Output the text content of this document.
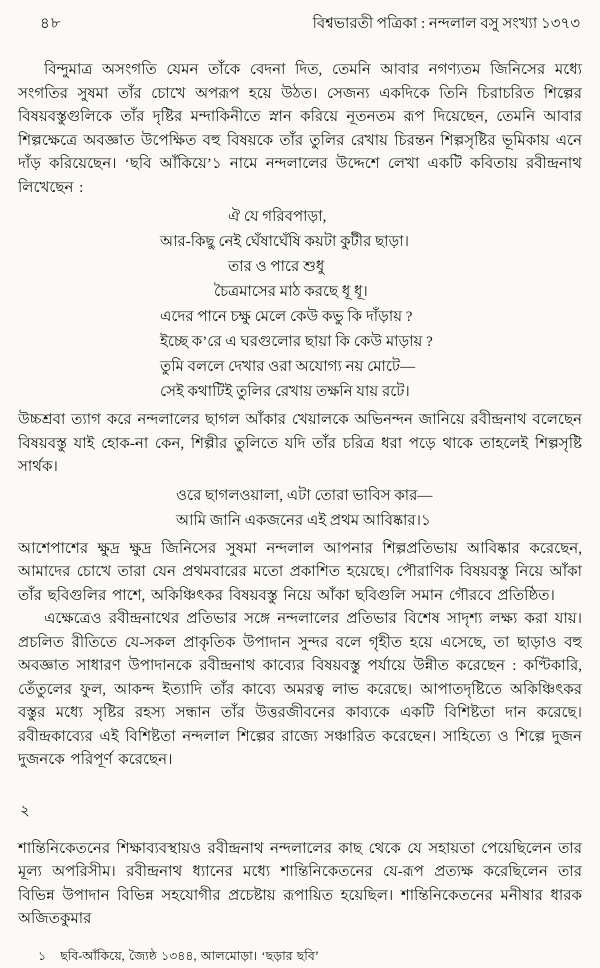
৪৮	বিশ্বভারতী পত্রিকা : নন্দলাল বসু সংখ্যা ১৩৭৩

বিন্দুমাত্র অসংগতি যেমন তাঁকে বেদনা দিত, তেমনি আবার নগণ্যতম জিনিসের মধ্যে সংগতির সুষমা তাঁর চোখে অপরূপ হয়ে উঠত। সেজন্য একদিকে তিনি চিরাচরিত শিল্পের বিষয়বস্তুগুলিকে তাঁর দৃষ্টির মন্দাকিনীতে স্নান করিয়ে নূতনতম রূপ দিয়েছেন, তেমনি আবার শিল্পক্ষেত্রে অবজ্ঞাত উপেক্ষিত বহু বিষয়কে তাঁর তুলির রেখায় চিরন্তন শিল্পসৃষ্টির ভূমিকায় এনে দাঁড় করিয়েছেন। ‘ছবি আঁকিয়ে’১ নামে নন্দলালের উদ্দেশে লেখা একটি কবিতায় রবীন্দ্রনাথ লিখেছেন :

ঐ যে গরিবপাড়া,
আর-কিছু নেই ঘেঁষাঘেঁষি কয়টা কুটীর ছাড়া।
তার ও পারে শুধু
চৈত্রমাসের মাঠ করছে ধূ ধূ।
এদের পানে চক্ষু মেলে কেউ কভু কি দাঁড়ায় ?
ইচ্ছে ক’রে এ ঘরগুলোর ছায়া কি কেউ মাড়ায় ?
তুমি বললে দেখার ওরা অযোগ্য নয় মোটে—
সেই কথাটিই তুলির রেখায় তক্ষনি যায় রটে।

উচ্চশ্রবা ত্যাগ করে নন্দলালের ছাগল আঁকার খেয়ালকে অভিনন্দন জানিয়ে রবীন্দ্রনাথ বলেছেন বিষয়বস্তু যাই হোক-না কেন, শিল্পীর তুলিতে যদি তাঁর চরিত্র ধরা পড়ে থাকে তাহলেই শিল্পসৃষ্টি সার্থক।

ওরে ছাগলওয়ালা, এটা তোরা ভাবিস কার—
আমি জানি একজনের এই প্রথম আবিষ্কার।১

আশেপাশের ক্ষুদ্র ক্ষুদ্র জিনিসের সুষমা নন্দলাল আপনার শিল্পপ্রতিভায় আবিষ্কার করেছেন, আমাদের চোখে তারা যেন প্রথমবারের মতো প্রকাশিত হয়েছে। পৌরাণিক বিষয়বস্তু নিয়ে আঁকা তাঁর ছবিগুলির পাশে, অকিঞ্চিৎকর বিষয়বস্তু নিয়ে আঁকা ছবিগুলি সমান গৌরবে প্রতিষ্ঠিত।

এক্ষেত্রেও রবীন্দ্রনাথের প্রতিভার সঙ্গে নন্দলালের প্রতিভার বিশেষ সাদৃশ্য লক্ষ্য করা যায়। প্রচলিত রীতিতে যে-সকল প্রাকৃতিক উপাদান সুন্দর বলে গৃহীত হয়ে এসেছে, তা ছাড়াও বহু অবজ্ঞাত সাধারণ উপাদানকে রবীন্দ্রনাথ কাব্যের বিষয়বস্তু পর্যায়ে উন্নীত করেছেন : কণ্টিকারি, তেঁতুলের ফুল, আকন্দ ইত্যাদি তাঁর কাব্যে অমরত্ব লাভ করেছে। আপাতদৃষ্টিতে অকিঞ্চিৎকর বস্তুর মধ্যে সৃষ্টির রহস্য সন্ধান তাঁর উত্তরজীবনের কাব্যকে একটি বিশিষ্টতা দান করেছে। রবীন্দ্রকাব্যের এই বিশিষ্টতা নন্দলাল শিল্পের রাজ্যে সঞ্চারিত করেছেন। সাহিত্যে ও শিল্পে দুজন দুজনকে পরিপূর্ণ করেছেন।

২

শান্তিনিকেতনের শিক্ষাব্যবস্থায়ও রবীন্দ্রনাথ নন্দলালের কাছ থেকে যে সহায়তা পেয়েছিলেন তার মূল্য অপরিসীম। রবীন্দ্রনাথ ধ্যানের মধ্যে শান্তিনিকেতনের যে-রূপ প্রত্যক্ষ করেছিলেন তার বিভিন্ন উপাদান বিভিন্ন সহযোগীর প্রচেষ্টায় রূপায়িত হয়েছিল। শান্তিনিকেতনের মনীষার ধারক অজিতকুমার

১ ছবি-আঁকিয়ে, জ্যৈষ্ঠ ১৩৪৪, আলমোড়া। ‘ছড়ার ছবি’
